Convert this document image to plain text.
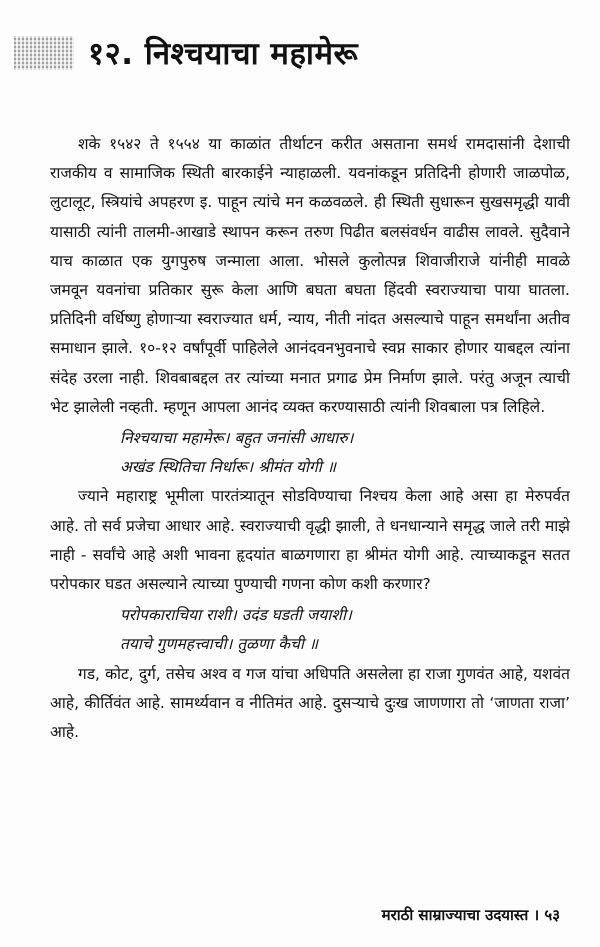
१२. निश्चयाचा महामेरू

शके १५४२ ते १५५४ या काळांत तीर्थाटन करीत असताना समर्थ रामदासांनी देशाची राजकीय व सामाजिक स्थिती बारकाईने न्याहाळली. यवनांकडून प्रतिदिनी होणारी जाळपोळ, लुटालूट, स्त्रियांचे अपहरण इ. पाहून त्यांचे मन कळवळले. ही स्थिती सुधारून सुखसमृद्धी यावी यासाठी त्यांनी तालमी-आखाडे स्थापन करून तरुण पिढीत बलसंवर्धन वाढीस लावले. सुदैवाने याच काळात एक युगपुरुष जन्माला आला. भोसले कुलोत्पन्न शिवाजीराजे यांनीही मावळे जमवून यवनांचा प्रतिकार सुरू केला आणि बघता बघता हिंदवी स्वराज्याचा पाया घातला. प्रतिदिनी वर्धिष्णु होणाऱ्या स्वराज्यात धर्म, न्याय, नीती नांदत असल्याचे पाहून समर्थांना अतीव समाधान झाले. १०-१२ वर्षांपूर्वी पाहिलेले आनंदवनभुवनाचे स्वप्न साकार होणार याबद्दल त्यांना संदेह उरला नाही. शिवबाबद्दल तर त्यांच्या मनात प्रगाढ प्रेम निर्माण झाले. परंतु अजून त्याची भेट झालेली नव्हती. म्हणून आपला आनंद व्यक्त करण्यासाठी त्यांनी शिवबाला पत्र लिहिले.

निश्चयाचा महामेरू। बहुत जनांसी आधारु।
अखंड स्थितिचा निर्धारू। श्रीमंत योगी ॥

ज्याने महाराष्ट्र भूमीला पारतंत्र्यातून सोडविण्याचा निश्चय केला आहे असा हा मेरुपर्वत आहे. तो सर्व प्रजेचा आधार आहे. स्वराज्याची वृद्धी झाली, ते धनधान्याने समृद्ध जाले तरी माझे नाही - सर्वांचे आहे अशी भावना हृदयांत बाळगणारा हा श्रीमंत योगी आहे. त्याच्याकडून सतत परोपकार घडत असल्याने त्याच्या पुण्याची गणना कोण कशी करणार?

परोपकाराचिया राशी। उदंड घडती जयाशी।
तयाचे गुणमहत्त्वाची। तुळणा कैची ॥

गड, कोट, दुर्ग, तसेच अश्व व गज यांचा अधिपति असलेला हा राजा गुणवंत आहे, यशवंत आहे, कीर्तिवंत आहे. सामर्थ्यवान व नीतिमंत आहे. दुसऱ्याचे दुःख जाणणारा तो ‘जाणता राजा’ आहे.

मराठी साम्राज्याचा उदयास्त । ५३
